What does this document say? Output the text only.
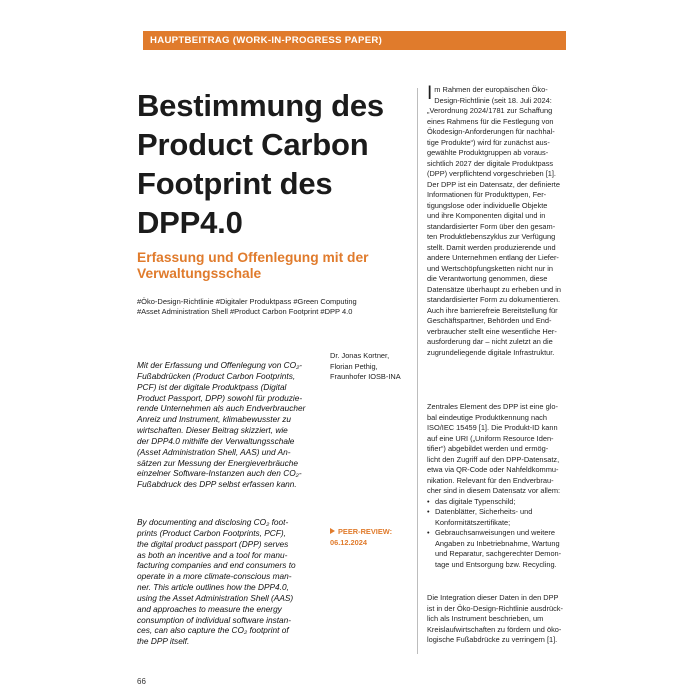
HAUPTBEITRAG (WORK-IN-PROGRESS PAPER)
Bestimmung des
Product Carbon
Footprint des
DPP4.0
Erfassung und Offenlegung mit der
Verwaltungsschale
#Öko-Design-Richtlinie #Digitaler Produktpass #Green Computing
#Asset Administration Shell #Product Carbon Footprint #DPP 4.0
Mit der Erfassung und Offenlegung von CO₂-
Fußabdrücken (Product Carbon Footprints,
PCF) ist der digitale Produktpass (Digital
Product Passport, DPP) sowohl für produzie-
rende Unternehmen als auch Endverbraucher
Anreiz und Instrument, klimabewusster zu
wirtschaften. Dieser Beitrag skizziert, wie
der DPP4.0 mithilfe der Verwaltungsschale
(Asset Administration Shell, AAS) und An-
sätzen zur Messung der Energieverbräuche
einzelner Software-Instanzen auch den CO₂-
Fußabdruck des DPP selbst erfassen kann.
By documenting and disclosing CO₂ foot-
prints (Product Carbon Footprints, PCF),
the digital product passport (DPP) serves
as both an incentive and a tool for manu-
facturing companies and end consumers to
operate in a more climate-conscious man-
ner. This article outlines how the DPP4.0,
using the Asset Administration Shell (AAS)
and approaches to measure the energy
consumption of individual software instan-
ces, can also capture the CO₂ footprint of
the DPP itself.
Dr. Jonas Kortner,
Florian Pethig,
Fraunhofer IOSB-INA
PEER-REVIEW:
06.12.2024
I m Rahmen der europäischen Öko-
Design-Richtlinie (seit 18. Juli 2024:
„Verordnung 2024/1781 zur Schaffung
eines Rahmens für die Festlegung von
Ökodesign-Anforderungen für nachhal-
tige Produkte“) wird für zunächst aus-
gewählte Produktgruppen ab voraus-
sichtlich 2027 der digitale Produktpass
(DPP) verpflichtend vorgeschrieben [1].
Der DPP ist ein Datensatz, der definierte
Informationen für Produkttypen, Fer-
tigungslose oder individuelle Objekte
und ihre Komponenten digital und in
standardisierter Form über den gesam-
ten Produktlebenszyklus zur Verfügung
stellt. Damit werden produzierende und
andere Unternehmen entlang der Liefer-
und Wertschöpfungsketten nicht nur in
die Verantwortung genommen, diese
Datensätze überhaupt zu erheben und in
standardisierter Form zu dokumentieren.
Auch ihre barrierefreie Bereitstellung für
Geschäftspartner, Behörden und End-
verbraucher stellt eine wesentliche Her-
ausforderung dar – nicht zuletzt an die
zugrundeliegende digitale Infrastruktur.
Zentrales Element des DPP ist eine glo-
bal eindeutige Produktkennung nach
ISO/IEC 15459 [1]. Die Produkt-ID kann
auf eine URI („Uniform Resource Iden-
tifier“) abgebildet werden und ermög-
licht den Zugriff auf den DPP-Datensatz,
etwa via QR-Code oder Nahfeldkommu-
nikation. Relevant für den Endverbrau-
cher sind in diesem Datensatz vor allem:
• das digitale Typenschild;
• Datenblätter, Sicherheits- und
Konformitätszertifikate;
• Gebrauchsanweisungen und weitere
Angaben zu Inbetriebnahme, Wartung
und Reparatur, sachgerechter Demon-
tage und Entsorgung bzw. Recycling.
Die Integration dieser Daten in den DPP
ist in der Öko-Design-Richtlinie ausdrück-
lich als Instrument beschrieben, um
Kreislaufwirtschaften zu fördern und öko-
logische Fußabdrücke zu verringern [1].
66
